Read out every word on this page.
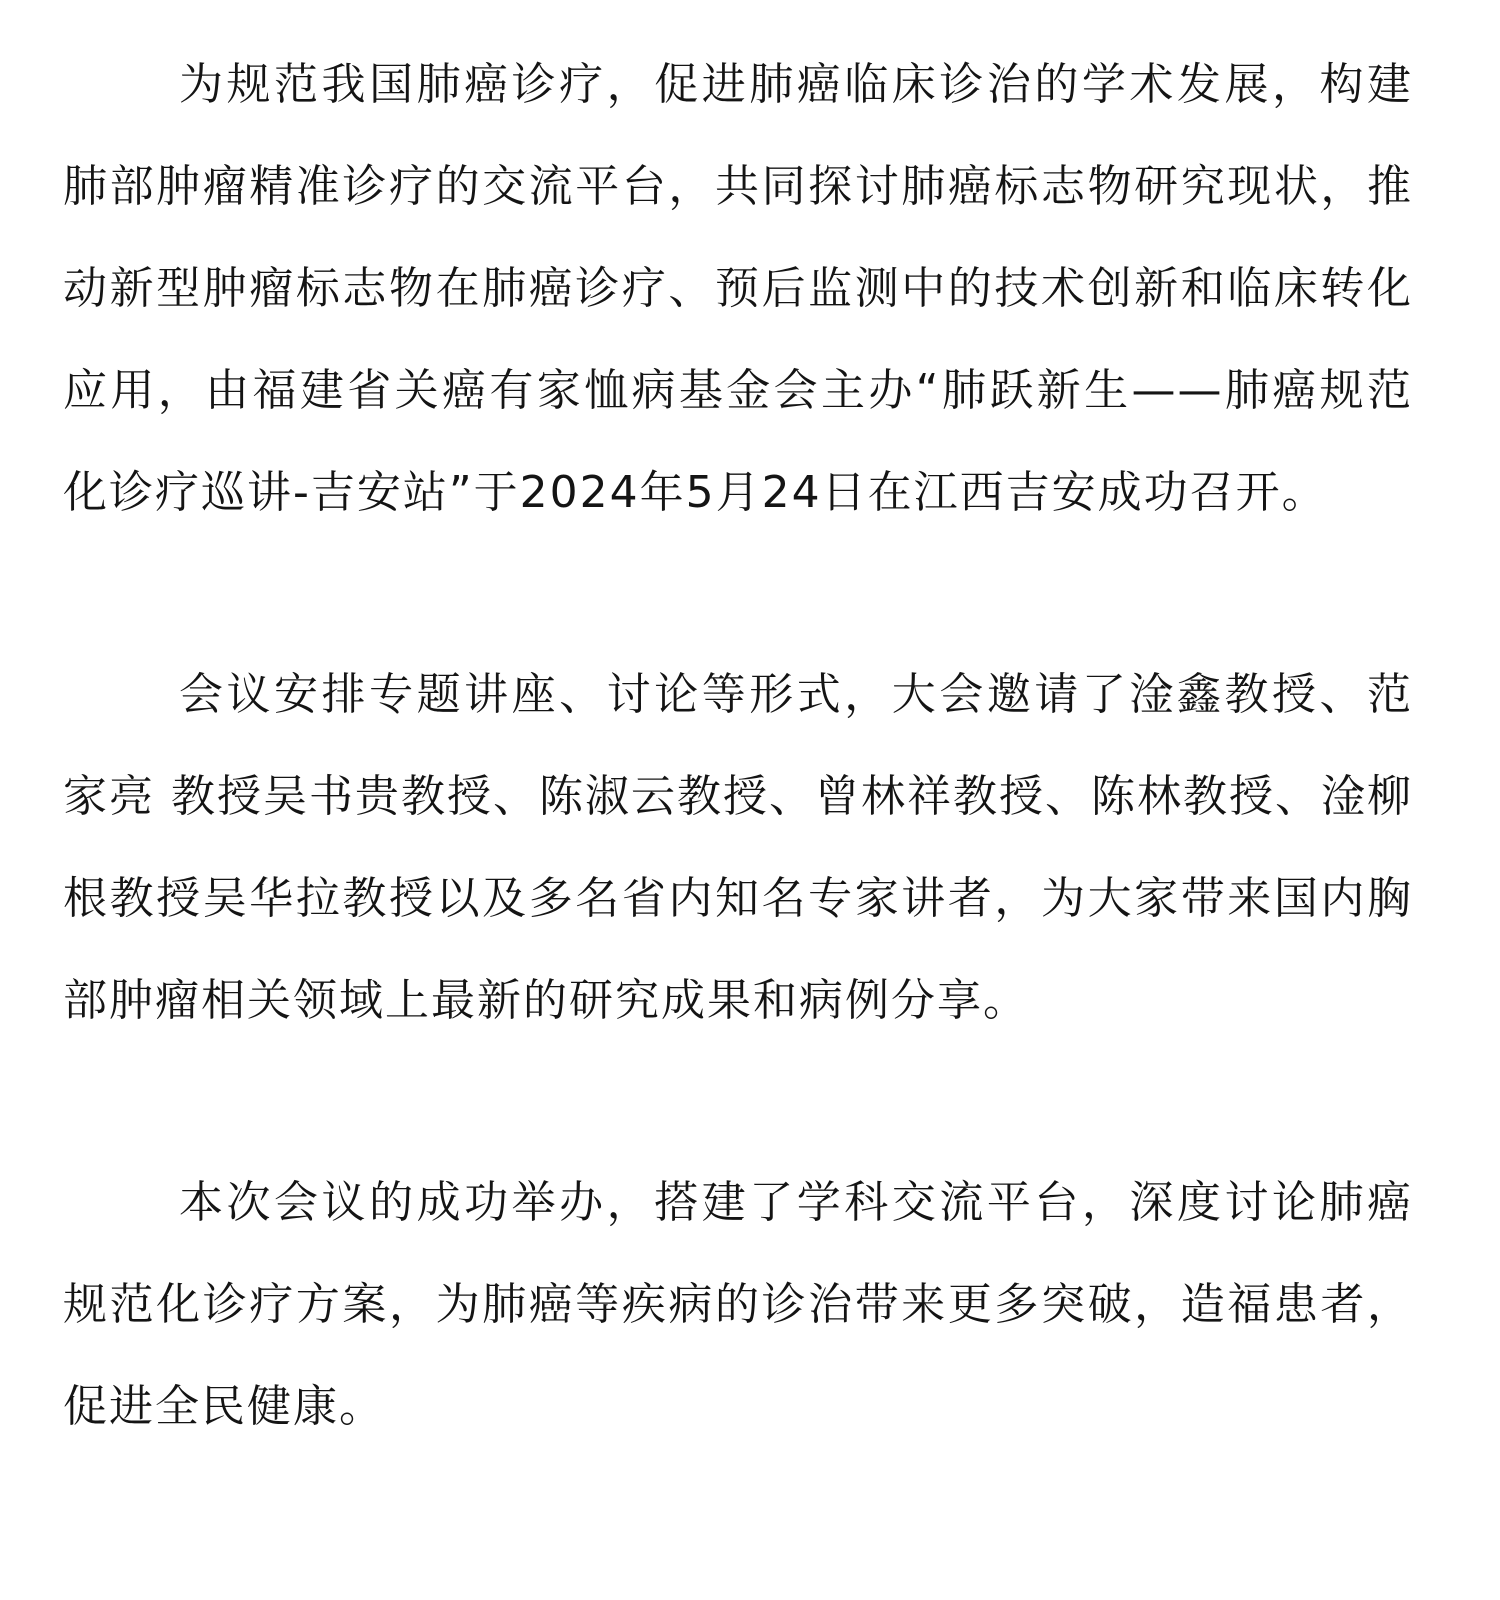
为规范我国肺癌诊疗，促进肺癌临床诊治的学术发展，构建肺部肿瘤精准诊疗的交流平台，共同探讨肺癌标志物研究现状，推动新型肿瘤标志物在肺癌诊疗、预后监测中的技术创新和临床转化应用，由福建省关癌有家恤病基金会主办“肺跃新生——肺癌规范化诊疗巡讲-吉安站”于2024年5月24日在江西吉安成功召开。

会议安排专题讲座、讨论等形式，大会邀请了淦鑫教授、范家亮 教授吴书贵教授、陈淑云教授、曾林祥教授、陈林教授、淦柳根教授吴华拉教授以及多名省内知名专家讲者，为大家带来国内胸部肿瘤相关领域上最新的研究成果和病例分享。

本次会议的成功举办，搭建了学科交流平台，深度讨论肺癌规范化诊疗方案，为肺癌等疾病的诊治带来更多突破，造福患者，促进全民健康。
